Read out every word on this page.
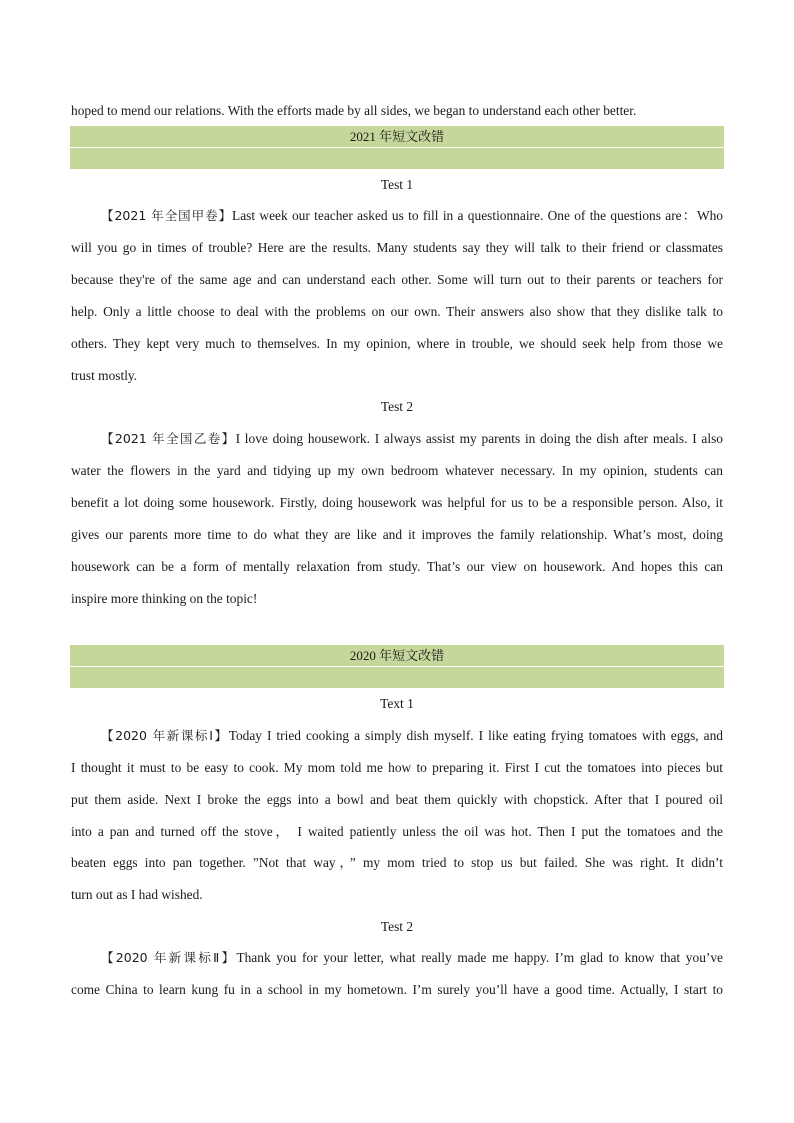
hoped to mend our relations. With the efforts made by all sides, we began to understand each other better.
2021 年短文改错
Test 1
【2021 年全国甲卷】Last week our teacher asked us to fill in a questionnaire. One of the questions are：Who
will you go in times of trouble? Here are the results. Many students say they will talk to their friend or classmates
because they're of the same age and can understand each other. Some will turn out to their parents or teachers for
help. Only a little choose to deal with the problems on our own. Their answers also show that they dislike talk to
others. They kept very much to themselves. In my opinion, where in trouble, we should seek help from those we
trust mostly.
Test 2
【2021 年全国乙卷】I love doing housework. I always assist my parents in doing the dish after meals. I also
water the flowers in the yard and tidying up my own bedroom whatever necessary. In my opinion, students can
benefit a lot doing some housework. Firstly, doing housework was helpful for us to be a responsible person. Also, it
gives our parents more time to do what they are like and it improves the family relationship. What’s most, doing
housework can be a form of mentally relaxation from study. That’s our view on housework. And hopes this can
inspire more thinking on the topic!
2020 年短文改错
Text 1
【2020 年新课标Ⅰ】Today I tried cooking a simply dish myself. I like eating frying tomatoes with eggs, and
I thought it must to be easy to cook. My mom told me how to preparing it. First I cut the tomatoes into pieces but
put them aside. Next I broke the eggs into a bowl and beat them quickly with chopstick. After that I poured oil
into a pan and turned off the stove， I waited patiently unless the oil was hot. Then I put the tomatoes and the
beaten eggs into pan together. ”Not that way，” my mom tried to stop us but failed. She was right. It didn’t
turn out as I had wished.
Test 2
【2020 年新课标Ⅱ】Thank you for your letter, what really made me happy. I’m glad to know that you’ve
come China to learn kung fu in a school in my hometown. I’m surely you’ll have a good time. Actually, I start to
